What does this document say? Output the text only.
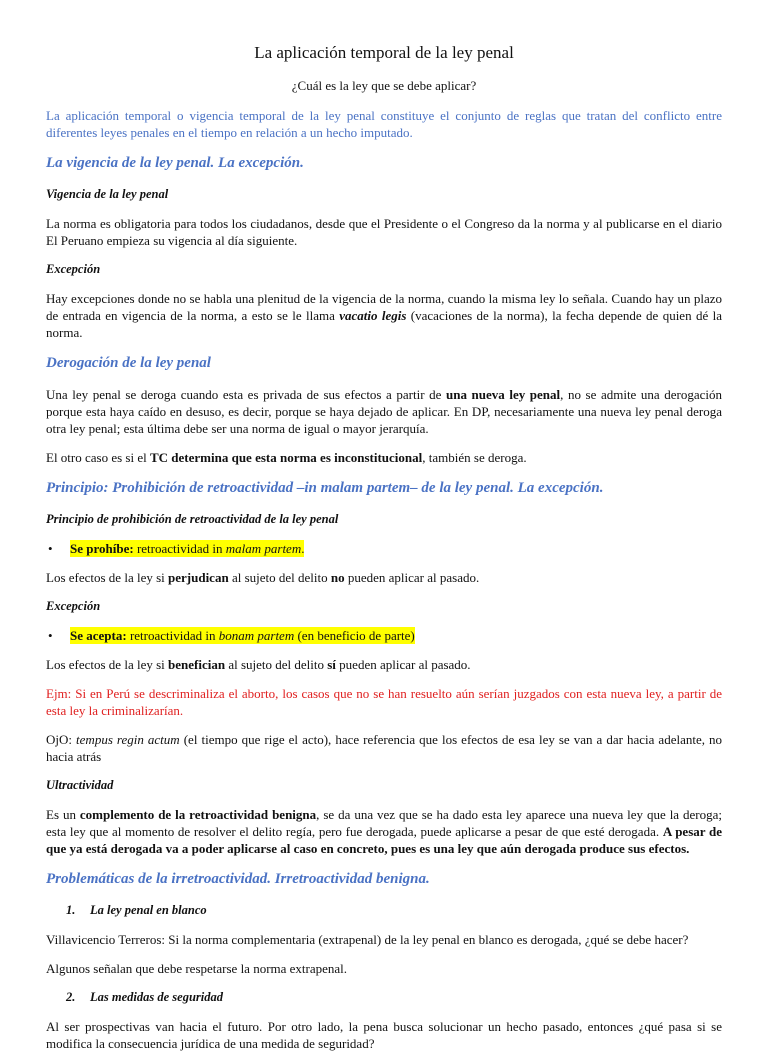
La aplicación temporal de la ley penal
¿Cuál es la ley que se debe aplicar?

La aplicación temporal o vigencia temporal de la ley penal constituye el conjunto de reglas que tratan del conflicto entre diferentes leyes penales en el tiempo en relación a un hecho imputado.

La vigencia de la ley penal. La excepción.
Vigencia de la ley penal

La norma es obligatoria para todos los ciudadanos, desde que el Presidente o el Congreso da la norma y al publicarse en el diario El Peruano empieza su vigencia al día siguiente.

Excepción

Hay excepciones donde no se habla una plenitud de la vigencia de la norma, cuando la misma ley lo señala. Cuando hay un plazo de entrada en vigencia de la norma, a esto se le llama vacatio legis (vacaciones de la norma), la fecha depende de quien dé la norma.

Derogación de la ley penal

Una ley penal se deroga cuando esta es privada de sus efectos a partir de una nueva ley penal, no se admite una derogación porque esta haya caído en desuso, es decir, porque se haya dejado de aplicar. En DP, necesariamente una nueva ley penal deroga otra ley penal; esta última debe ser una norma de igual o mayor jerarquía.

El otro caso es si el TC determina que esta norma es inconstitucional, también se deroga.

Principio: Prohibición de retroactividad –in malam partem– de la ley penal. La excepción.
Principio de prohibición de retroactividad de la ley penal
•	Se prohíbe: retroactividad in malam partem.

Los efectos de la ley si perjudican al sujeto del delito no pueden aplicar al pasado.

Excepción
•	Se acepta: retroactividad in bonam partem (en beneficio de parte)

Los efectos de la ley si benefician al sujeto del delito sí pueden aplicar al pasado.

Ejm: Si en Perú se descriminaliza el aborto, los casos que no se han resuelto aún serían juzgados con esta nueva ley, a partir de esta ley la criminalizarían.

OjO: tempus regin actum (el tiempo que rige el acto), hace referencia que los efectos de esa ley se van a dar hacia adelante, no hacia atrás

Ultractividad

Es un complemento de la retroactividad benigna, se da una vez que se ha dado esta ley aparece una nueva ley que la deroga; esta ley que al momento de resolver el delito regía, pero fue derogada, puede aplicarse a pesar de que esté derogada. A pesar de que ya está derogada va a poder aplicarse al caso en concreto, pues es una ley que aún derogada produce sus efectos.

Problemáticas de la irretroactividad. Irretroactividad benigna.
1.	La ley penal en blanco

Villavicencio Terreros: Si la norma complementaria (extrapenal) de la ley penal en blanco es derogada, ¿qué se debe hacer?

Algunos señalan que debe respetarse la norma extrapenal.

2.	Las medidas de seguridad

Al ser prospectivas van hacia el futuro. Por otro lado, la pena busca solucionar un hecho pasado, entonces ¿qué pasa si se modifica la consecuencia jurídica de una medida de seguridad?
